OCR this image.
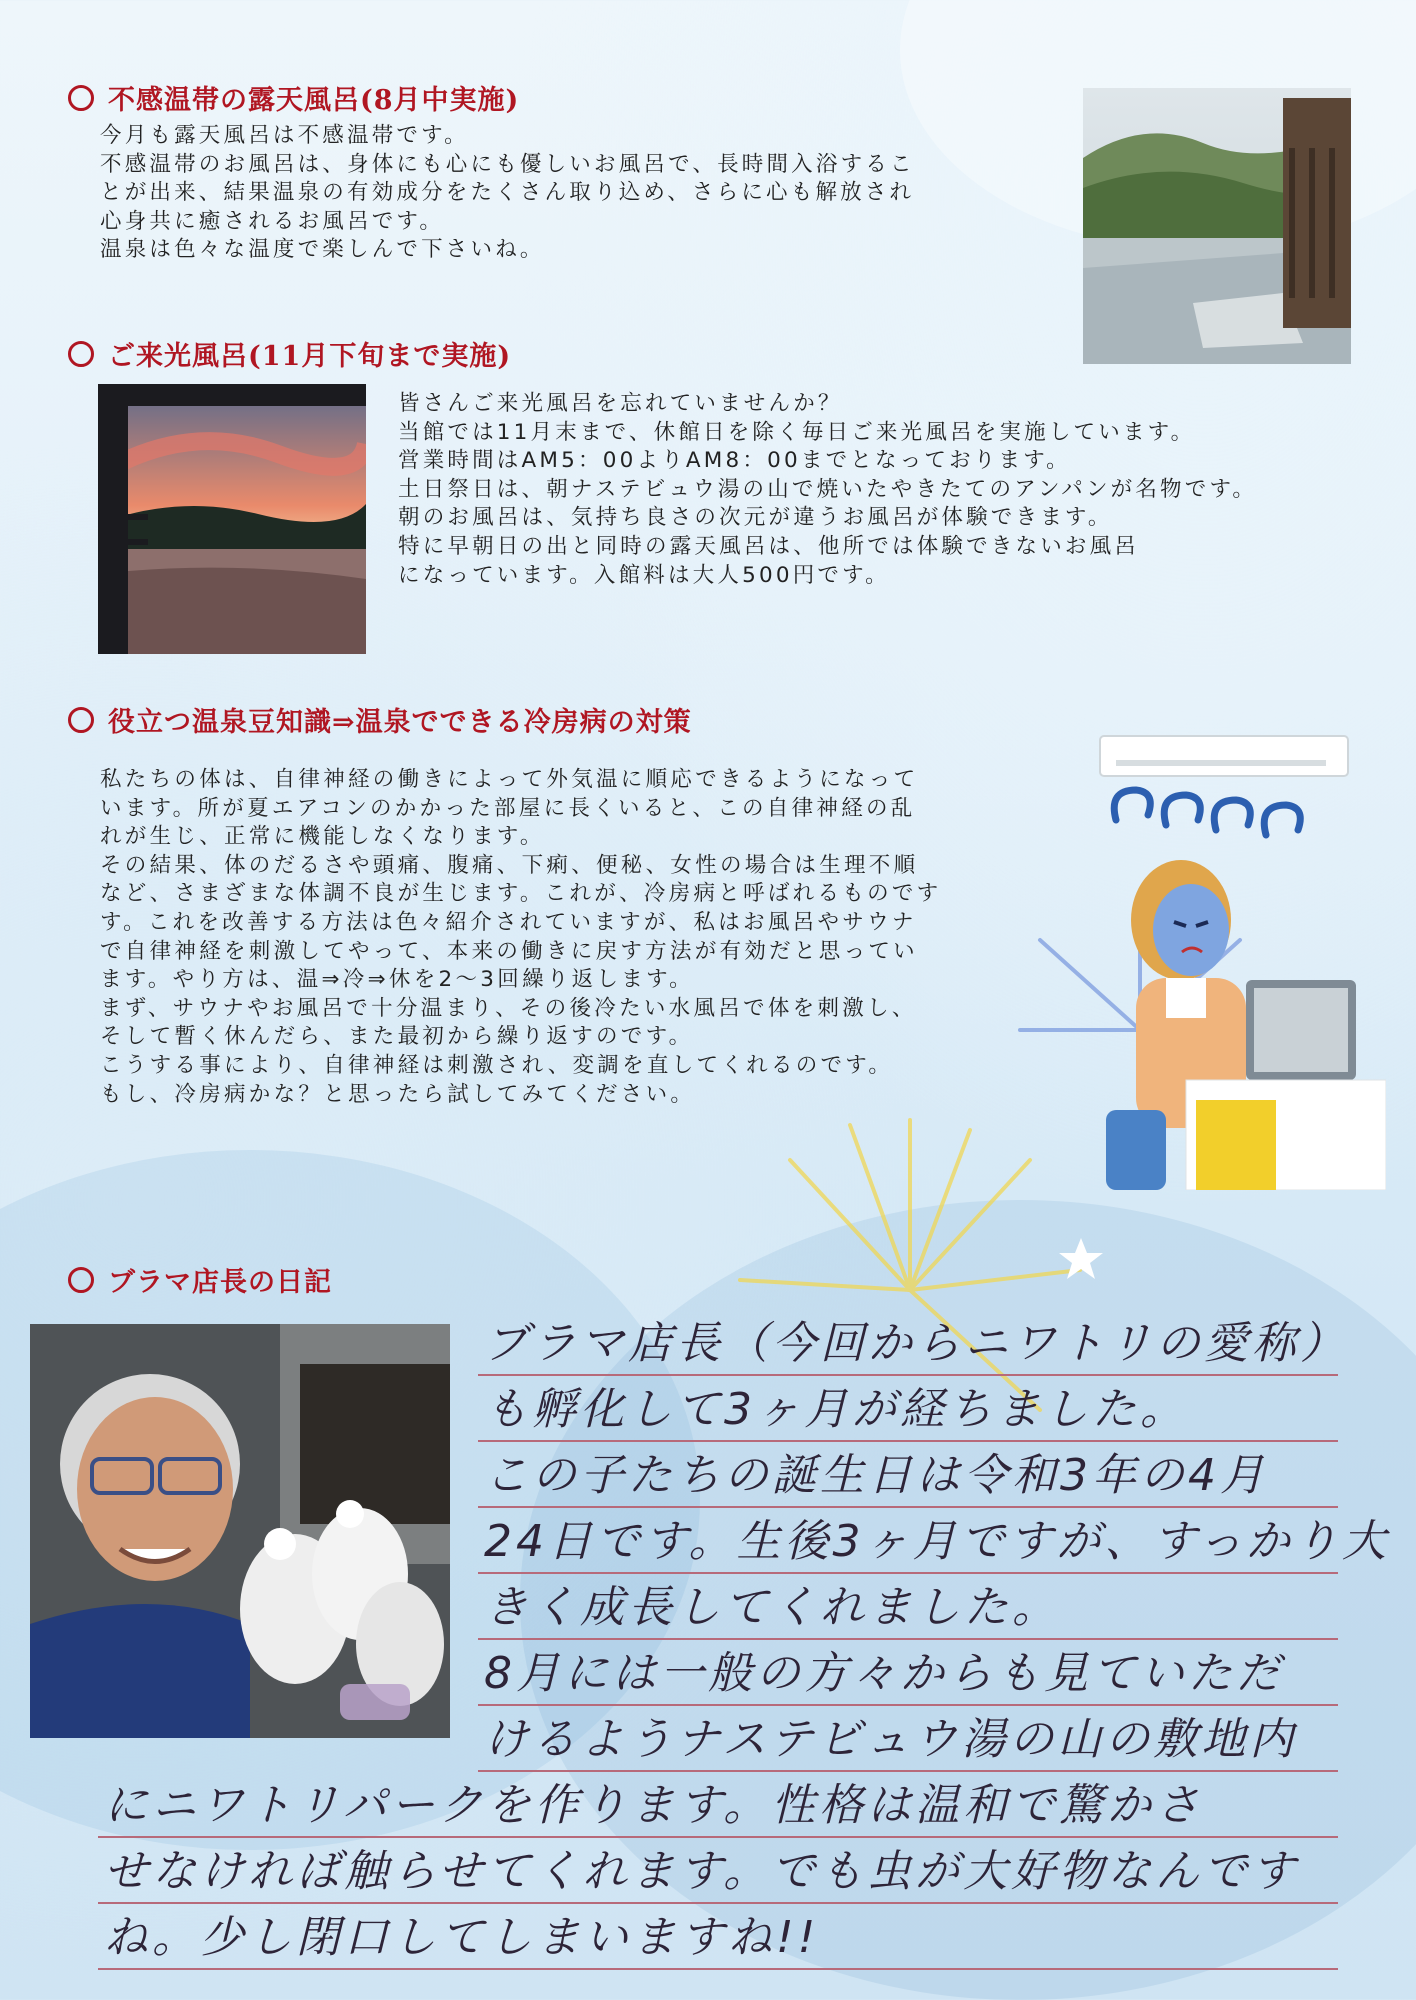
不感温帯の露天風呂(8月中実施)
今月も露天風呂は不感温帯です。
不感温帯のお風呂は、身体にも心にも優しいお風呂で、長時間入浴するこ
とが出来、結果温泉の有効成分をたくさん取り込め、さらに心も解放され
心身共に癒されるお風呂です。
温泉は色々な温度で楽しんで下さいね。
ご来光風呂(11月下旬まで実施)
皆さんご来光風呂を忘れていませんか？
当館では11月末まで、休館日を除く毎日ご来光風呂を実施しています。
営業時間はAM5：00よりAM8：00までとなっております。
土日祭日は、朝ナステビュウ湯の山で焼いたやきたてのアンパンが名物です。
朝のお風呂は、気持ち良さの次元が違うお風呂が体験できます。
特に早朝日の出と同時の露天風呂は、他所では体験できないお風呂
になっています。入館料は大人500円です。
役立つ温泉豆知識⇒温泉でできる冷房病の対策
私たちの体は、自律神経の働きによって外気温に順応できるようになって
います。所が夏エアコンのかかった部屋に長くいると、この自律神経の乱
れが生じ、正常に機能しなくなります。
その結果、体のだるさや頭痛、腹痛、下痢、便秘、女性の場合は生理不順
など、さまざまな体調不良が生じます。これが、冷房病と呼ばれるものです
す。これを改善する方法は色々紹介されていますが、私はお風呂やサウナ
で自律神経を刺激してやって、本来の働きに戻す方法が有効だと思ってい
ます。やり方は、温⇒冷⇒休を2〜3回繰り返します。
まず、サウナやお風呂で十分温まり、その後冷たい水風呂で体を刺激し、
そして暫く休んだら、また最初から繰り返すのです。
こうする事により、自律神経は刺激され、変調を直してくれるのです。
もし、冷房病かな？と思ったら試してみてください。
ブラマ店長の日記
ブラマ店長（今回からニワトリの愛称）
も孵化して3ヶ月が経ちました。
この子たちの誕生日は令和3年の4月
24日です。生後3ヶ月ですが、すっかり大
きく成長してくれました。
8月には一般の方々からも見ていただ
けるようナステビュウ湯の山の敷地内
にニワトリパークを作ります。性格は温和で驚かさ
せなければ触らせてくれます。でも虫が大好物なんです
ね。少し閉口してしまいますね!!
